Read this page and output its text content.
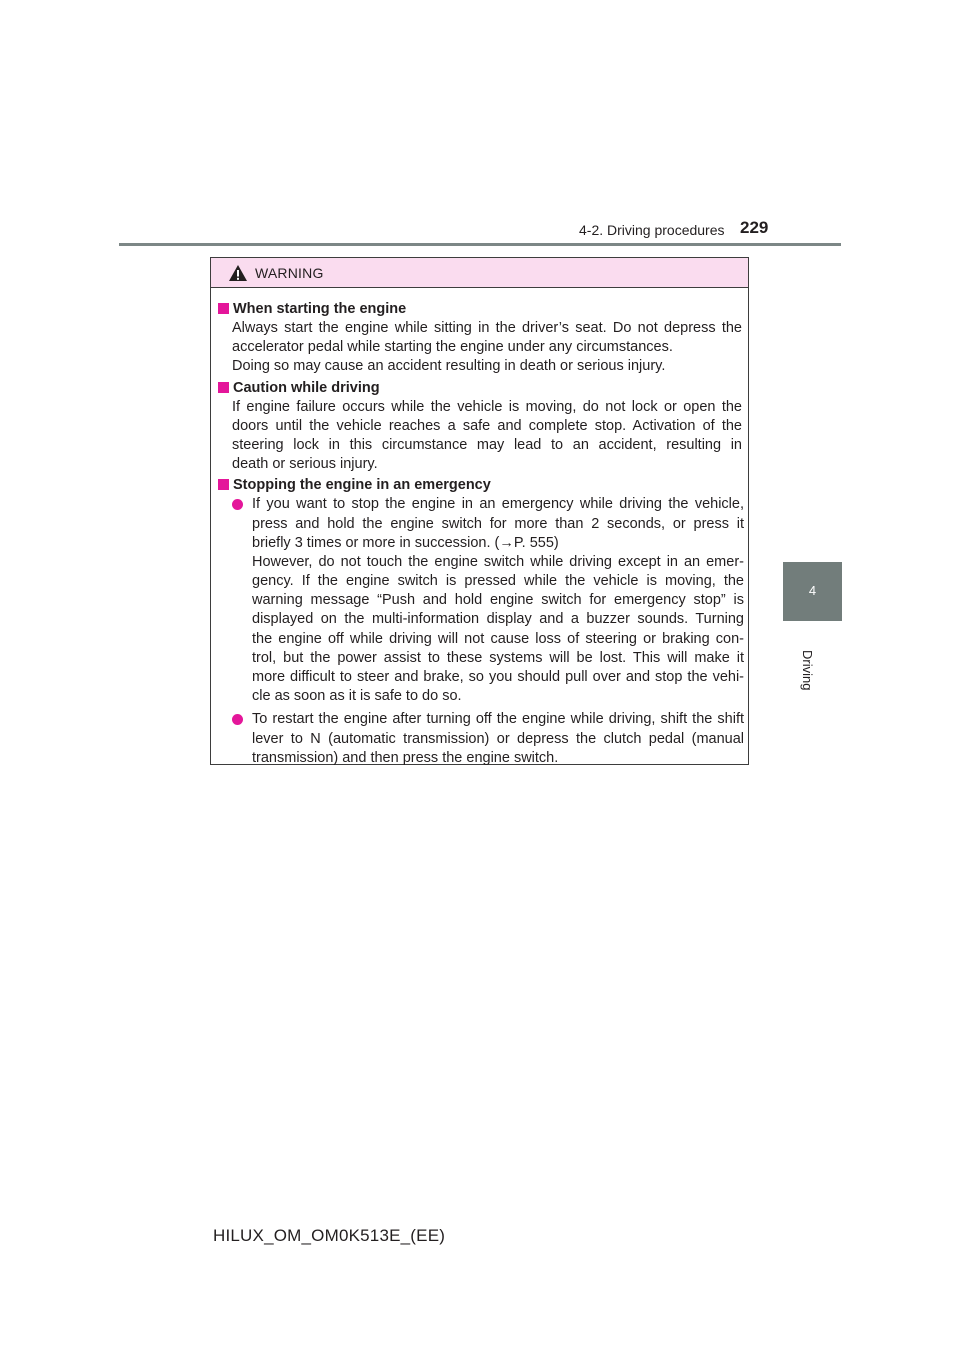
4-2. Driving procedures 229
4
Driving
WARNING
When starting the engine
Always start the engine while sitting in the driver’s seat. Do not depress the
accelerator pedal while starting the engine under any circumstances.
Doing so may cause an accident resulting in death or serious injury.
Caution while driving
If engine failure occurs while the vehicle is moving, do not lock or open the
doors until the vehicle reaches a safe and complete stop. Activation of the
steering lock in this circumstance may lead to an accident, resulting in
death or serious injury.
Stopping the engine in an emergency
If you want to stop the engine in an emergency while driving the vehicle,
press and hold the engine switch for more than 2 seconds, or press it
briefly 3 times or more in succession. (→P. 555)
However, do not touch the engine switch while driving except in an emer-
gency. If the engine switch is pressed while the vehicle is moving, the
warning message “Push and hold engine switch for emergency stop” is
displayed on the multi-information display and a buzzer sounds. Turning
the engine off while driving will not cause loss of steering or braking con-
trol, but the power assist to these systems will be lost. This will make it
more difficult to steer and brake, so you should pull over and stop the vehi-
cle as soon as it is safe to do so.
To restart the engine after turning off the engine while driving, shift the shift
lever to N (automatic transmission) or depress the clutch pedal (manual
transmission) and then press the engine switch.
HILUX_OM_OM0K513E_(EE)
